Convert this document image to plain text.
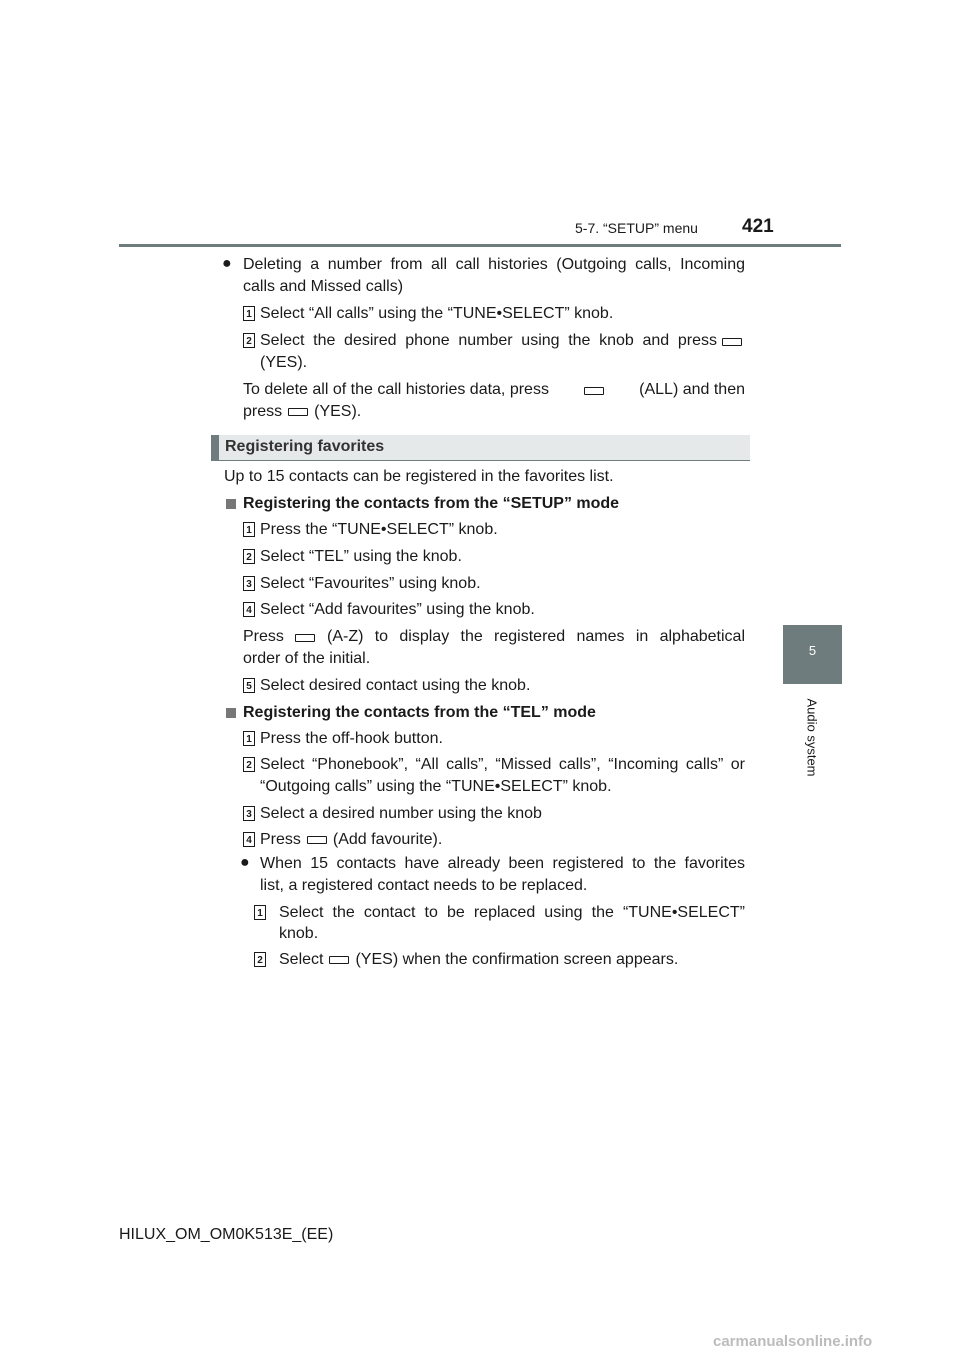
5-7. “SETUP” menu 421
5
Audio system
● Deleting a number from all call histories (Outgoing calls, Incoming
calls and Missed calls)
1 Select “All calls” using the “TUNE•SELECT” knob.
2 Select the desired phone number using the knob and press
(YES).
To delete all of the call histories data, press	(ALL) and then
press (YES).
Registering favorites
Up to 15 contacts can be registered in the favorites list.
Registering the contacts from the “SETUP” mode
1 Press the “TUNE•SELECT” knob.
2 Select “TEL” using the knob.
3 Select “Favourites” using knob.
4 Select “Add favourites” using the knob.
Press	(A-Z) to display the registered names in alphabetical
order of the initial.
5 Select desired contact using the knob.
Registering the contacts from the “TEL” mode
1 Press the off-hook button.
2 Select “Phonebook”, “All calls”, “Missed calls”, “Incoming calls” or
“Outgoing calls” using the “TUNE•SELECT” knob.
3 Select a desired number using the knob
4 Press (Add favourite).
● When 15 contacts have already been registered to the favorites
list, a registered contact needs to be replaced.
1 Select the contact to be replaced using the “TUNE•SELECT”
knob.
2 Select (YES) when the confirmation screen appears.
HILUX_OM_OM0K513E_(EE)
carmanualsonline.info
